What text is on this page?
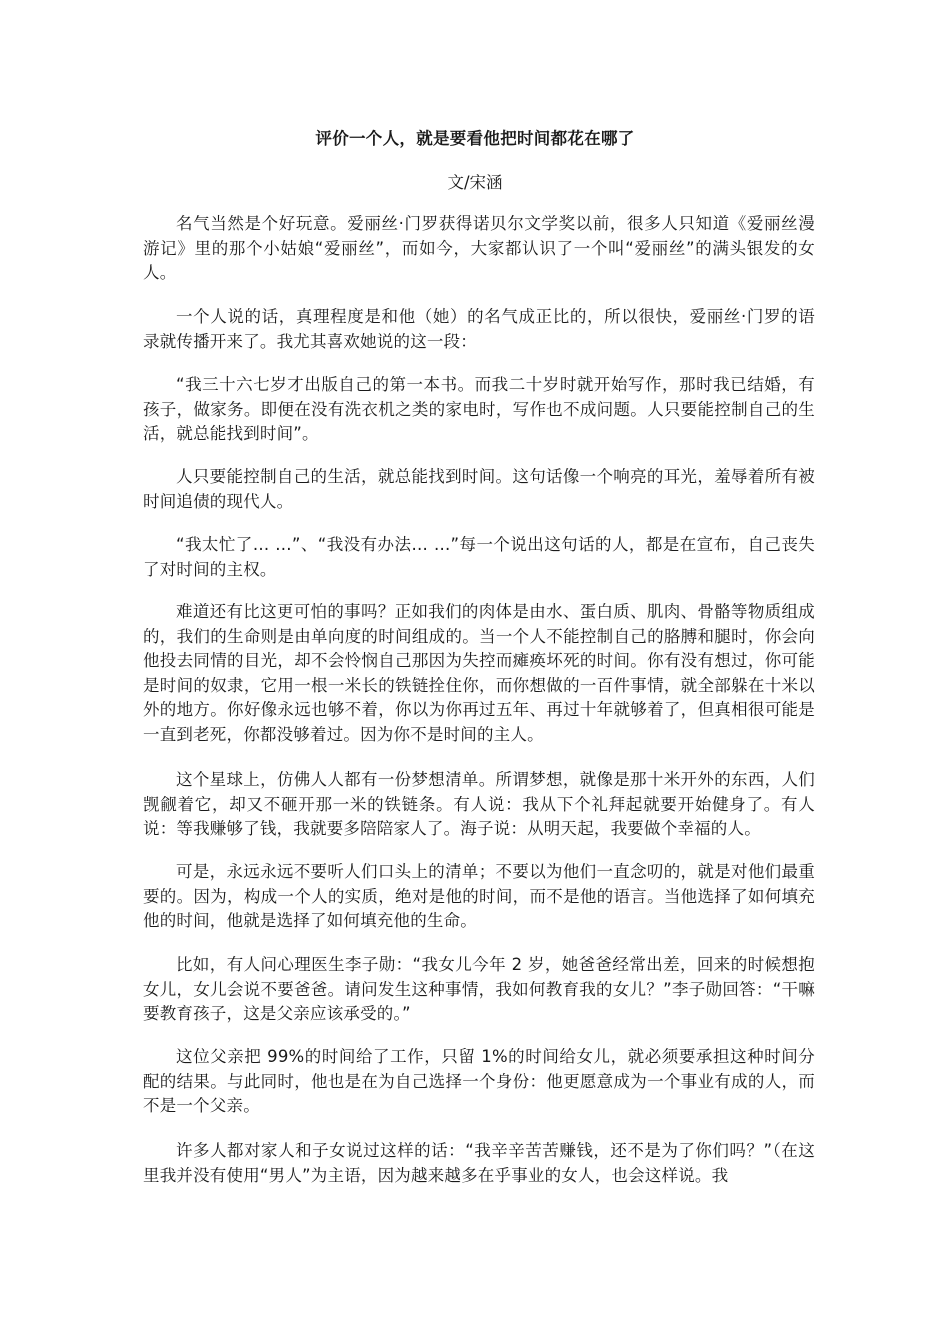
评价一个人，就是要看他把时间都花在哪了
文/宋涵

名气当然是个好玩意。爱丽丝·门罗获得诺贝尔文学奖以前，很多人只知道《爱丽丝漫游记》里的那个小姑娘“爱丽丝”，而如今，大家都认识了一个叫“爱丽丝”的满头银发的女人。

一个人说的话，真理程度是和他（她）的名气成正比的，所以很快，爱丽丝·门罗的语录就传播开来了。我尤其喜欢她说的这一段：

“我三十六七岁才出版自己的第一本书。而我二十岁时就开始写作，那时我已结婚，有孩子，做家务。即便在没有洗衣机之类的家电时，写作也不成问题。人只要能控制自己的生活，就总能找到时间”。

人只要能控制自己的生活，就总能找到时间。这句话像一个响亮的耳光，羞辱着所有被时间追债的现代人。

“我太忙了… …”、“我没有办法… …”每一个说出这句话的人，都是在宣布，自己丧失了对时间的主权。

难道还有比这更可怕的事吗？正如我们的肉体是由水、蛋白质、肌肉、骨骼等物质组成的，我们的生命则是由单向度的时间组成的。当一个人不能控制自己的胳膊和腿时，你会向他投去同情的目光，却不会怜悯自己那因为失控而瘫痪坏死的时间。你有没有想过，你可能是时间的奴隶，它用一根一米长的铁链拴住你，而你想做的一百件事情，就全部躲在十米以外的地方。你好像永远也够不着，你以为你再过五年、再过十年就够着了，但真相很可能是一直到老死，你都没够着过。因为你不是时间的主人。

这个星球上，仿佛人人都有一份梦想清单。所谓梦想，就像是那十米开外的东西，人们觊觎着它，却又不砸开那一米的铁链条。有人说：我从下个礼拜起就要开始健身了。有人说：等我赚够了钱，我就要多陪陪家人了。海子说：从明天起，我要做个幸福的人。

可是，永远永远不要听人们口头上的清单；不要以为他们一直念叨的，就是对他们最重要的。因为，构成一个人的实质，绝对是他的时间，而不是他的语言。当他选择了如何填充他的时间，他就是选择了如何填充他的生命。

比如，有人问心理医生李子勋：“我女儿今年 2 岁，她爸爸经常出差，回来的时候想抱女儿，女儿会说不要爸爸。请问发生这种事情，我如何教育我的女儿？”李子勋回答：“干嘛要教育孩子，这是父亲应该承受的。”

这位父亲把 99%的时间给了工作，只留 1%的时间给女儿，就必须要承担这种时间分配的结果。与此同时，他也是在为自己选择一个身份：他更愿意成为一个事业有成的人，而不是一个父亲。

许多人都对家人和子女说过这样的话：“我辛辛苦苦赚钱，还不是为了你们吗？”（在这里我并没有使用“男人”为主语，因为越来越多在乎事业的女人，也会这样说。我
